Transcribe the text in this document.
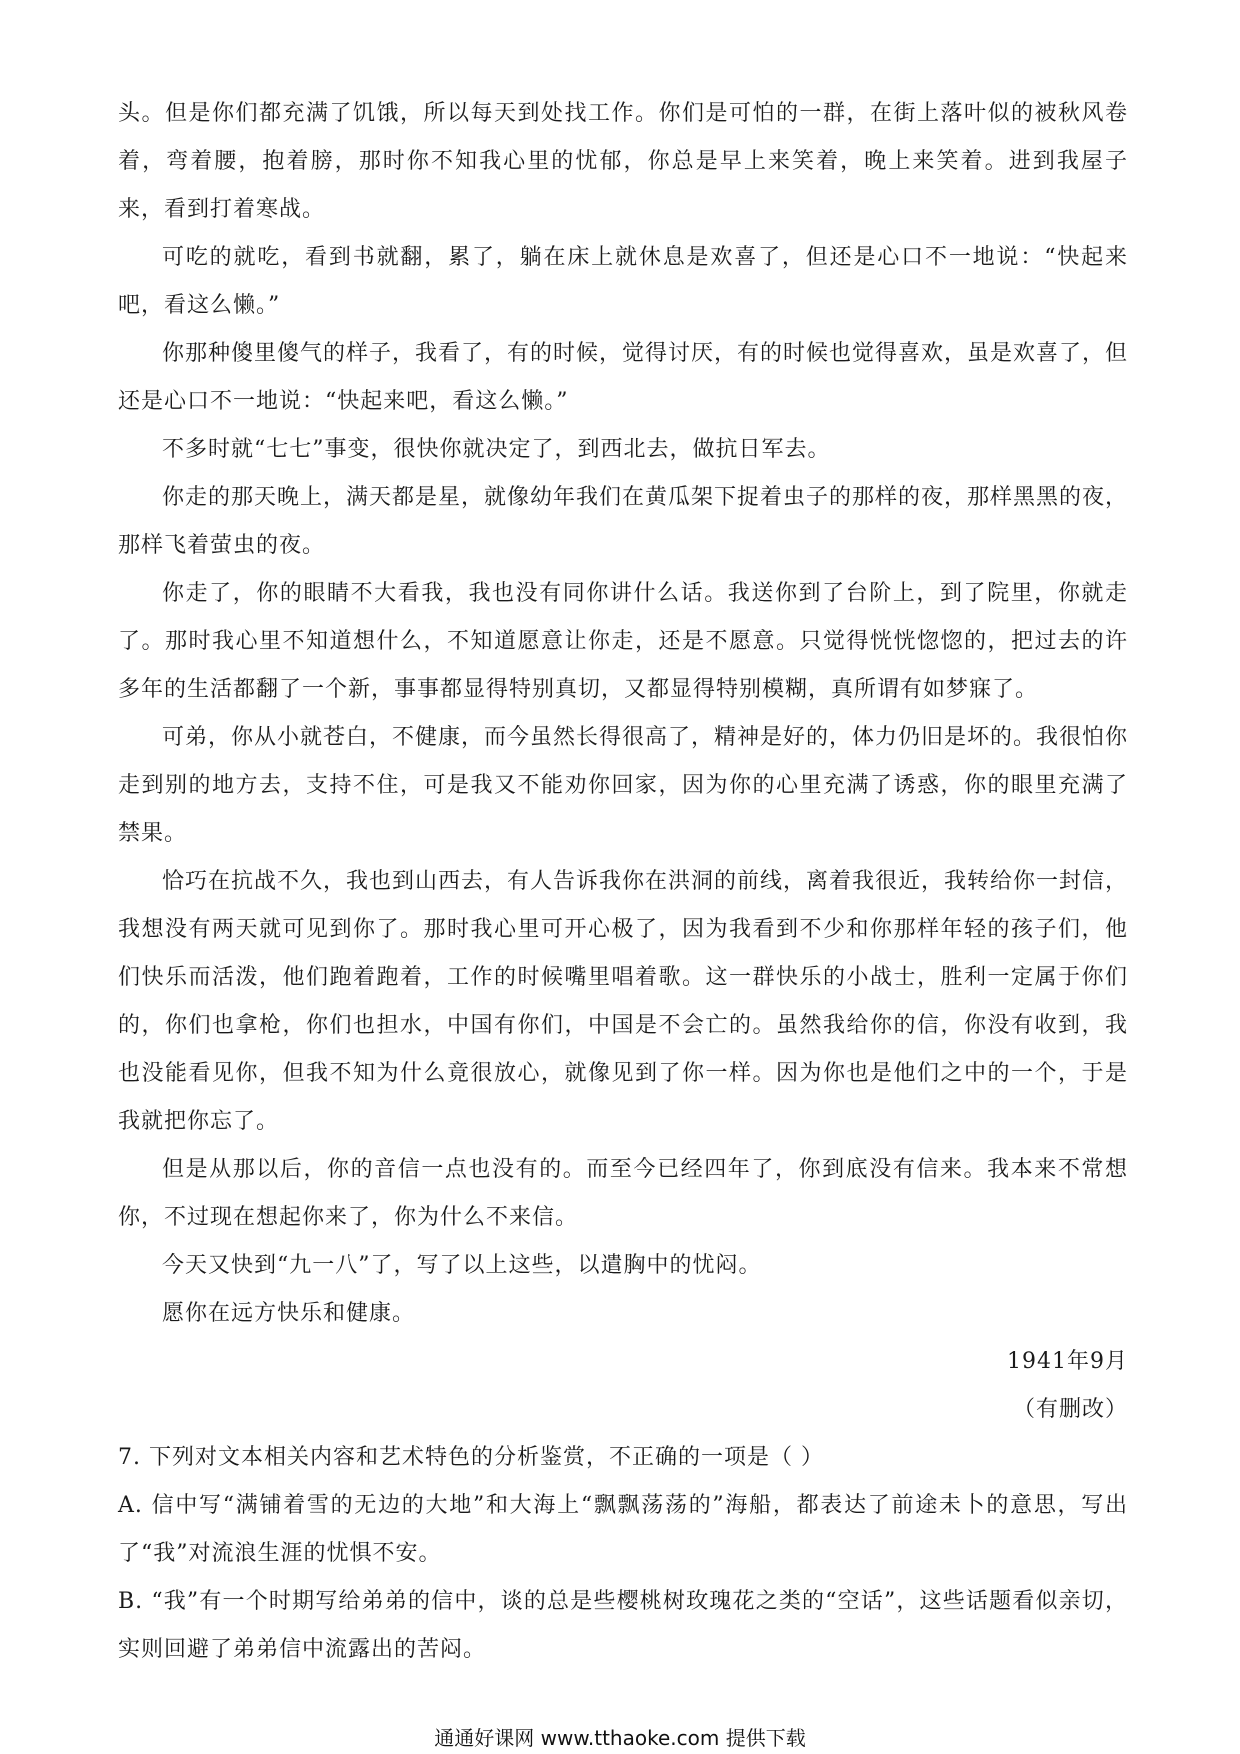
头。但是你们都充满了饥饿，所以每天到处找工作。你们是可怕的一群，在街上落叶似的被秋风卷着，弯着腰，抱着膀，那时你不知我心里的忧郁，你总是早上来笑着，晚上来笑着。进到我屋子来，看到打着寒战。

可吃的就吃，看到书就翻，累了，躺在床上就休息是欢喜了，但还是心口不一地说：“快起来吧，看这么懒。”

你那种傻里傻气的样子，我看了，有的时候，觉得讨厌，有的时候也觉得喜欢，虽是欢喜了，但还是心口不一地说：“快起来吧，看这么懒。”

不多时就“七七”事变，很快你就决定了，到西北去，做抗日军去。

你走的那天晚上，满天都是星，就像幼年我们在黄瓜架下捉着虫子的那样的夜，那样黑黑的夜，那样飞着萤虫的夜。

你走了，你的眼睛不大看我，我也没有同你讲什么话。我送你到了台阶上，到了院里，你就走了。那时我心里不知道想什么，不知道愿意让你走，还是不愿意。只觉得恍恍惚惚的，把过去的许多年的生活都翻了一个新，事事都显得特别真切，又都显得特别模糊，真所谓有如梦寐了。

可弟，你从小就苍白，不健康，而今虽然长得很高了，精神是好的，体力仍旧是坏的。我很怕你走到别的地方去，支持不住，可是我又不能劝你回家，因为你的心里充满了诱惑，你的眼里充满了禁果。

恰巧在抗战不久，我也到山西去，有人告诉我你在洪洞的前线，离着我很近，我转给你一封信，我想没有两天就可见到你了。那时我心里可开心极了，因为我看到不少和你那样年轻的孩子们，他们快乐而活泼，他们跑着跑着，工作的时候嘴里唱着歌。这一群快乐的小战士，胜利一定属于你们的，你们也拿枪，你们也担水，中国有你们，中国是不会亡的。虽然我给你的信，你没有收到，我也没能看见你，但我不知为什么竟很放心，就像见到了你一样。因为你也是他们之中的一个，于是我就把你忘了。

但是从那以后，你的音信一点也没有的。而至今已经四年了，你到底没有信来。我本来不常想你，不过现在想起你来了，你为什么不来信。

今天又快到“九一八”了，写了以上这些，以遣胸中的忧闷。

愿你在远方快乐和健康。

1941年9月

（有删改）

7. 下列对文本相关内容和艺术特色的分析鉴赏，不正确的一项是（ ）

A. 信中写“满铺着雪的无边的大地”和大海上“飘飘荡荡的”海船，都表达了前途未卜的意思，写出了“我”对流浪生涯的忧惧不安。

B. “我”有一个时期写给弟弟的信中，谈的总是些樱桃树玫瑰花之类的“空话”，这些话题看似亲切，实则回避了弟弟信中流露出的苦闷。

通通好课网 www.tthaoke.com 提供下载
